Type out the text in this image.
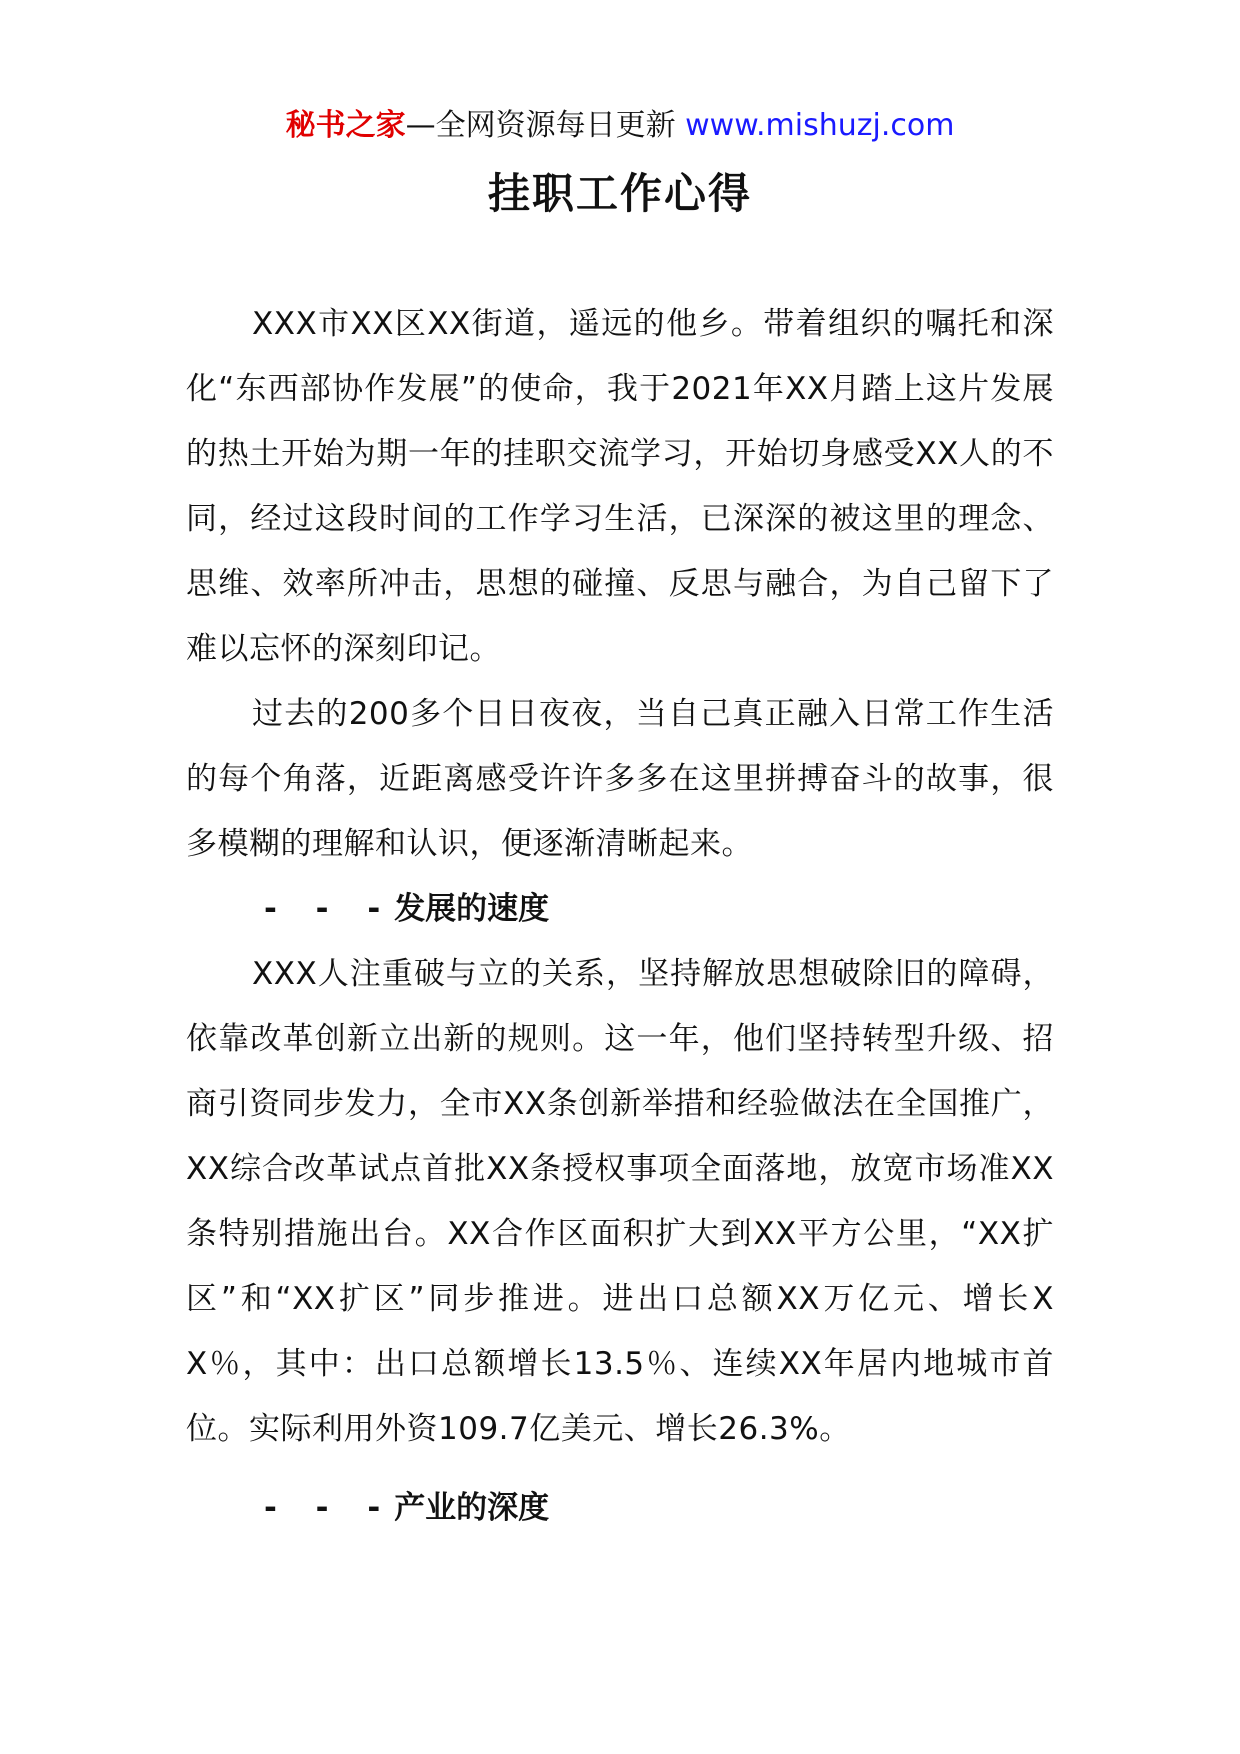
秘书之家—全网资源每日更新 www.mishuzj.com
挂职工作心得

XXX市XX区XX街道，遥远的他乡。带着组织的嘱托和深化“东西部协作发展”的使命，我于2021年XX月踏上这片发展的热土开始为期一年的挂职交流学习，开始切身感受XX人的不同，经过这段时间的工作学习生活，已深深的被这里的理念、思维、效率所冲击，思想的碰撞、反思与融合，为自己留下了难以忘怀的深刻印记。

过去的200多个日日夜夜，当自己真正融入日常工作生活的每个角落，近距离感受许许多多在这里拼搏奋斗的故事，很多模糊的理解和认识，便逐渐清晰起来。

- - -发展的速度

XXX人注重破与立的关系，坚持解放思想破除旧的障碍，依靠改革创新立出新的规则。这一年，他们坚持转型升级、招商引资同步发力，全市XX条创新举措和经验做法在全国推广，XX综合改革试点首批XX条授权事项全面落地，放宽市场准XX条特别措施出台。XX合作区面积扩大到XX平方公里，“XX扩区”和“XX扩区”同步推进。进出口总额XX万亿元、增长XX％，其中：出口总额增长13.5％、连续XX年居内地城市首位。实际利用外资109.7亿美元、增长26.3%。

- - -产业的深度
